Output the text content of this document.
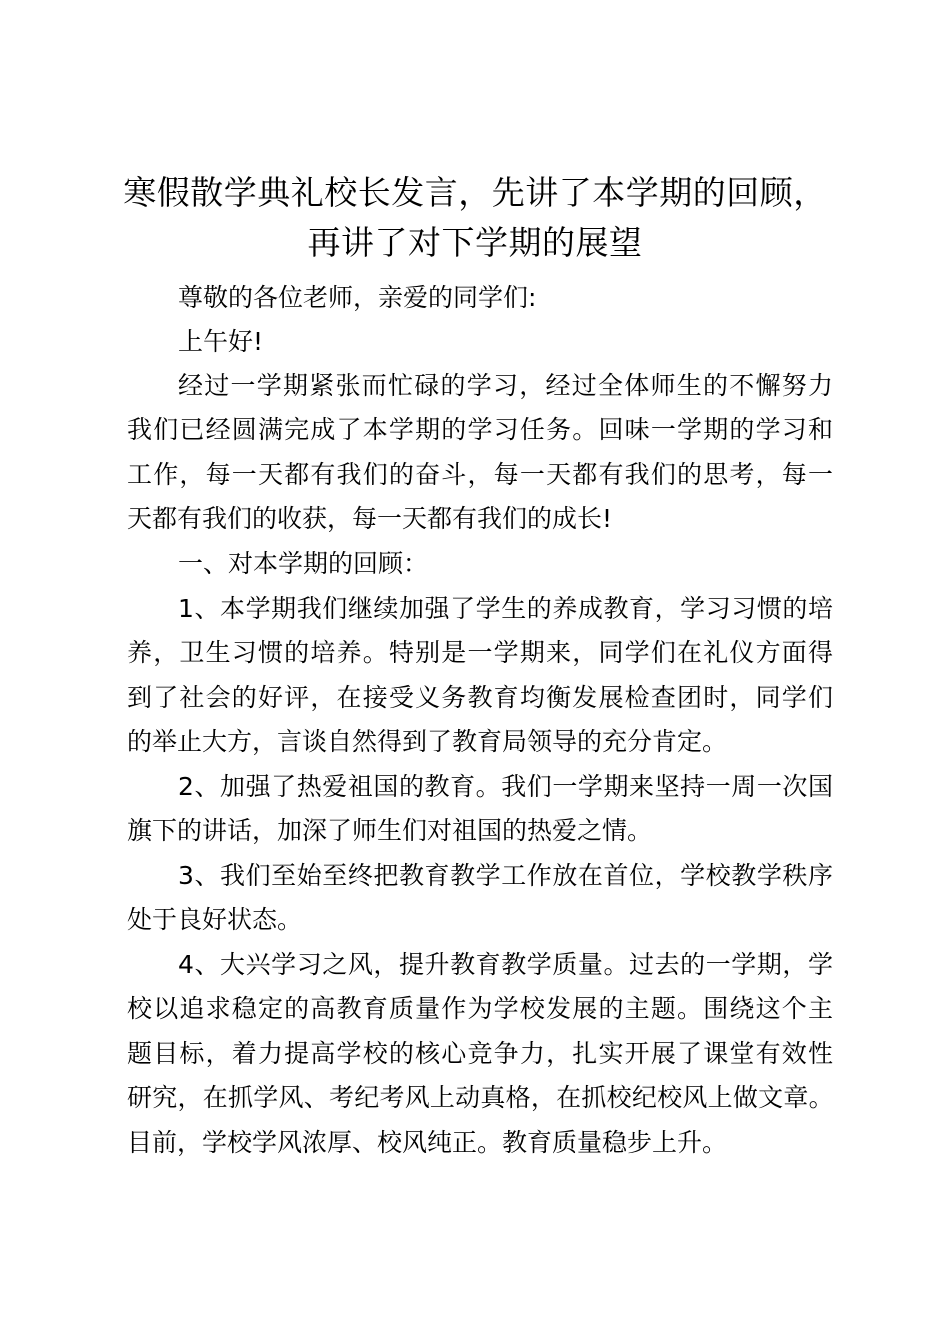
寒假散学典礼校长发言，先讲了本学期的回顾，
再讲了对下学期的展望

尊敬的各位老师，亲爱的同学们:

上午好!

经过一学期紧张而忙碌的学习，经过全体师生的不懈努力
我们已经圆满完成了本学期的学习任务。回味一学期的学习和
工作，每一天都有我们的奋斗，每一天都有我们的思考，每一
天都有我们的收获，每一天都有我们的成长!

一、对本学期的回顾：

1、本学期我们继续加强了学生的养成教育，学习习惯的培
养，卫生习惯的培养。特别是一学期来，同学们在礼仪方面得
到了社会的好评，在接受义务教育均衡发展检查团时，同学们
的举止大方，言谈自然得到了教育局领导的充分肯定。

2、加强了热爱祖国的教育。我们一学期来坚持一周一次国
旗下的讲话，加深了师生们对祖国的热爱之情。

3、我们至始至终把教育教学工作放在首位，学校教学秩序
处于良好状态。

4、大兴学习之风，提升教育教学质量。过去的一学期，学
校以追求稳定的高教育质量作为学校发展的主题。围绕这个主
题目标，着力提高学校的核心竞争力，扎实开展了课堂有效性
研究，在抓学风、考纪考风上动真格，在抓校纪校风上做文章。
目前，学校学风浓厚、校风纯正。教育质量稳步上升。
